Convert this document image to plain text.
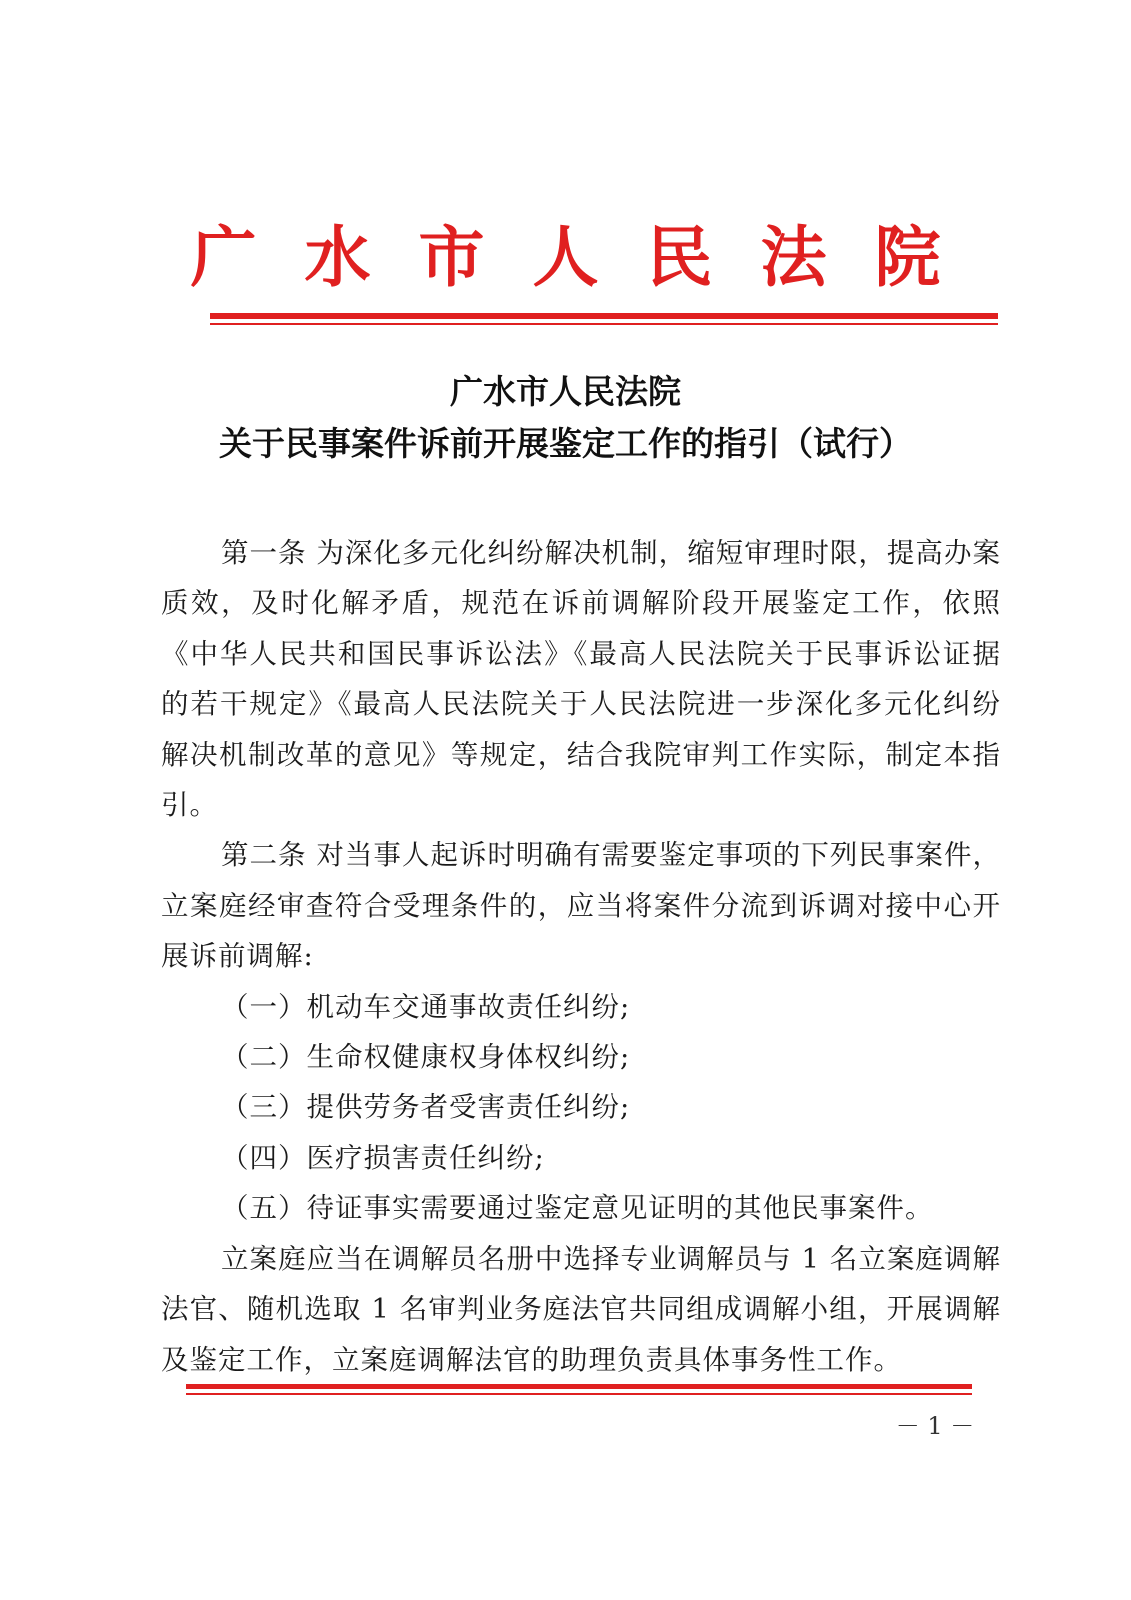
广水市人民法院
广水市人民法院
关于民事案件诉前开展鉴定工作的指引（试行）

第一条 为深化多元化纠纷解决机制，缩短审理时限，提高办案质效，及时化解矛盾，规范在诉前调解阶段开展鉴定工作，依照《中华人民共和国民事诉讼法》《最高人民法院关于民事诉讼证据的若干规定》《最高人民法院关于人民法院进一步深化多元化纠纷解决机制改革的意见》等规定，结合我院审判工作实际，制定本指引。

第二条 对当事人起诉时明确有需要鉴定事项的下列民事案件，立案庭经审查符合受理条件的，应当将案件分流到诉调对接中心开展诉前调解:

（一）机动车交通事故责任纠纷;

（二）生命权健康权身体权纠纷;

（三）提供劳务者受害责任纠纷;

（四）医疗损害责任纠纷;

（五）待证事实需要通过鉴定意见证明的其他民事案件。

立案庭应当在调解员名册中选择专业调解员与 1 名立案庭调解法官、随机选取 1 名审判业务庭法官共同组成调解小组，开展调解及鉴定工作，立案庭调解法官的助理负责具体事务性工作。

－ 1 －
